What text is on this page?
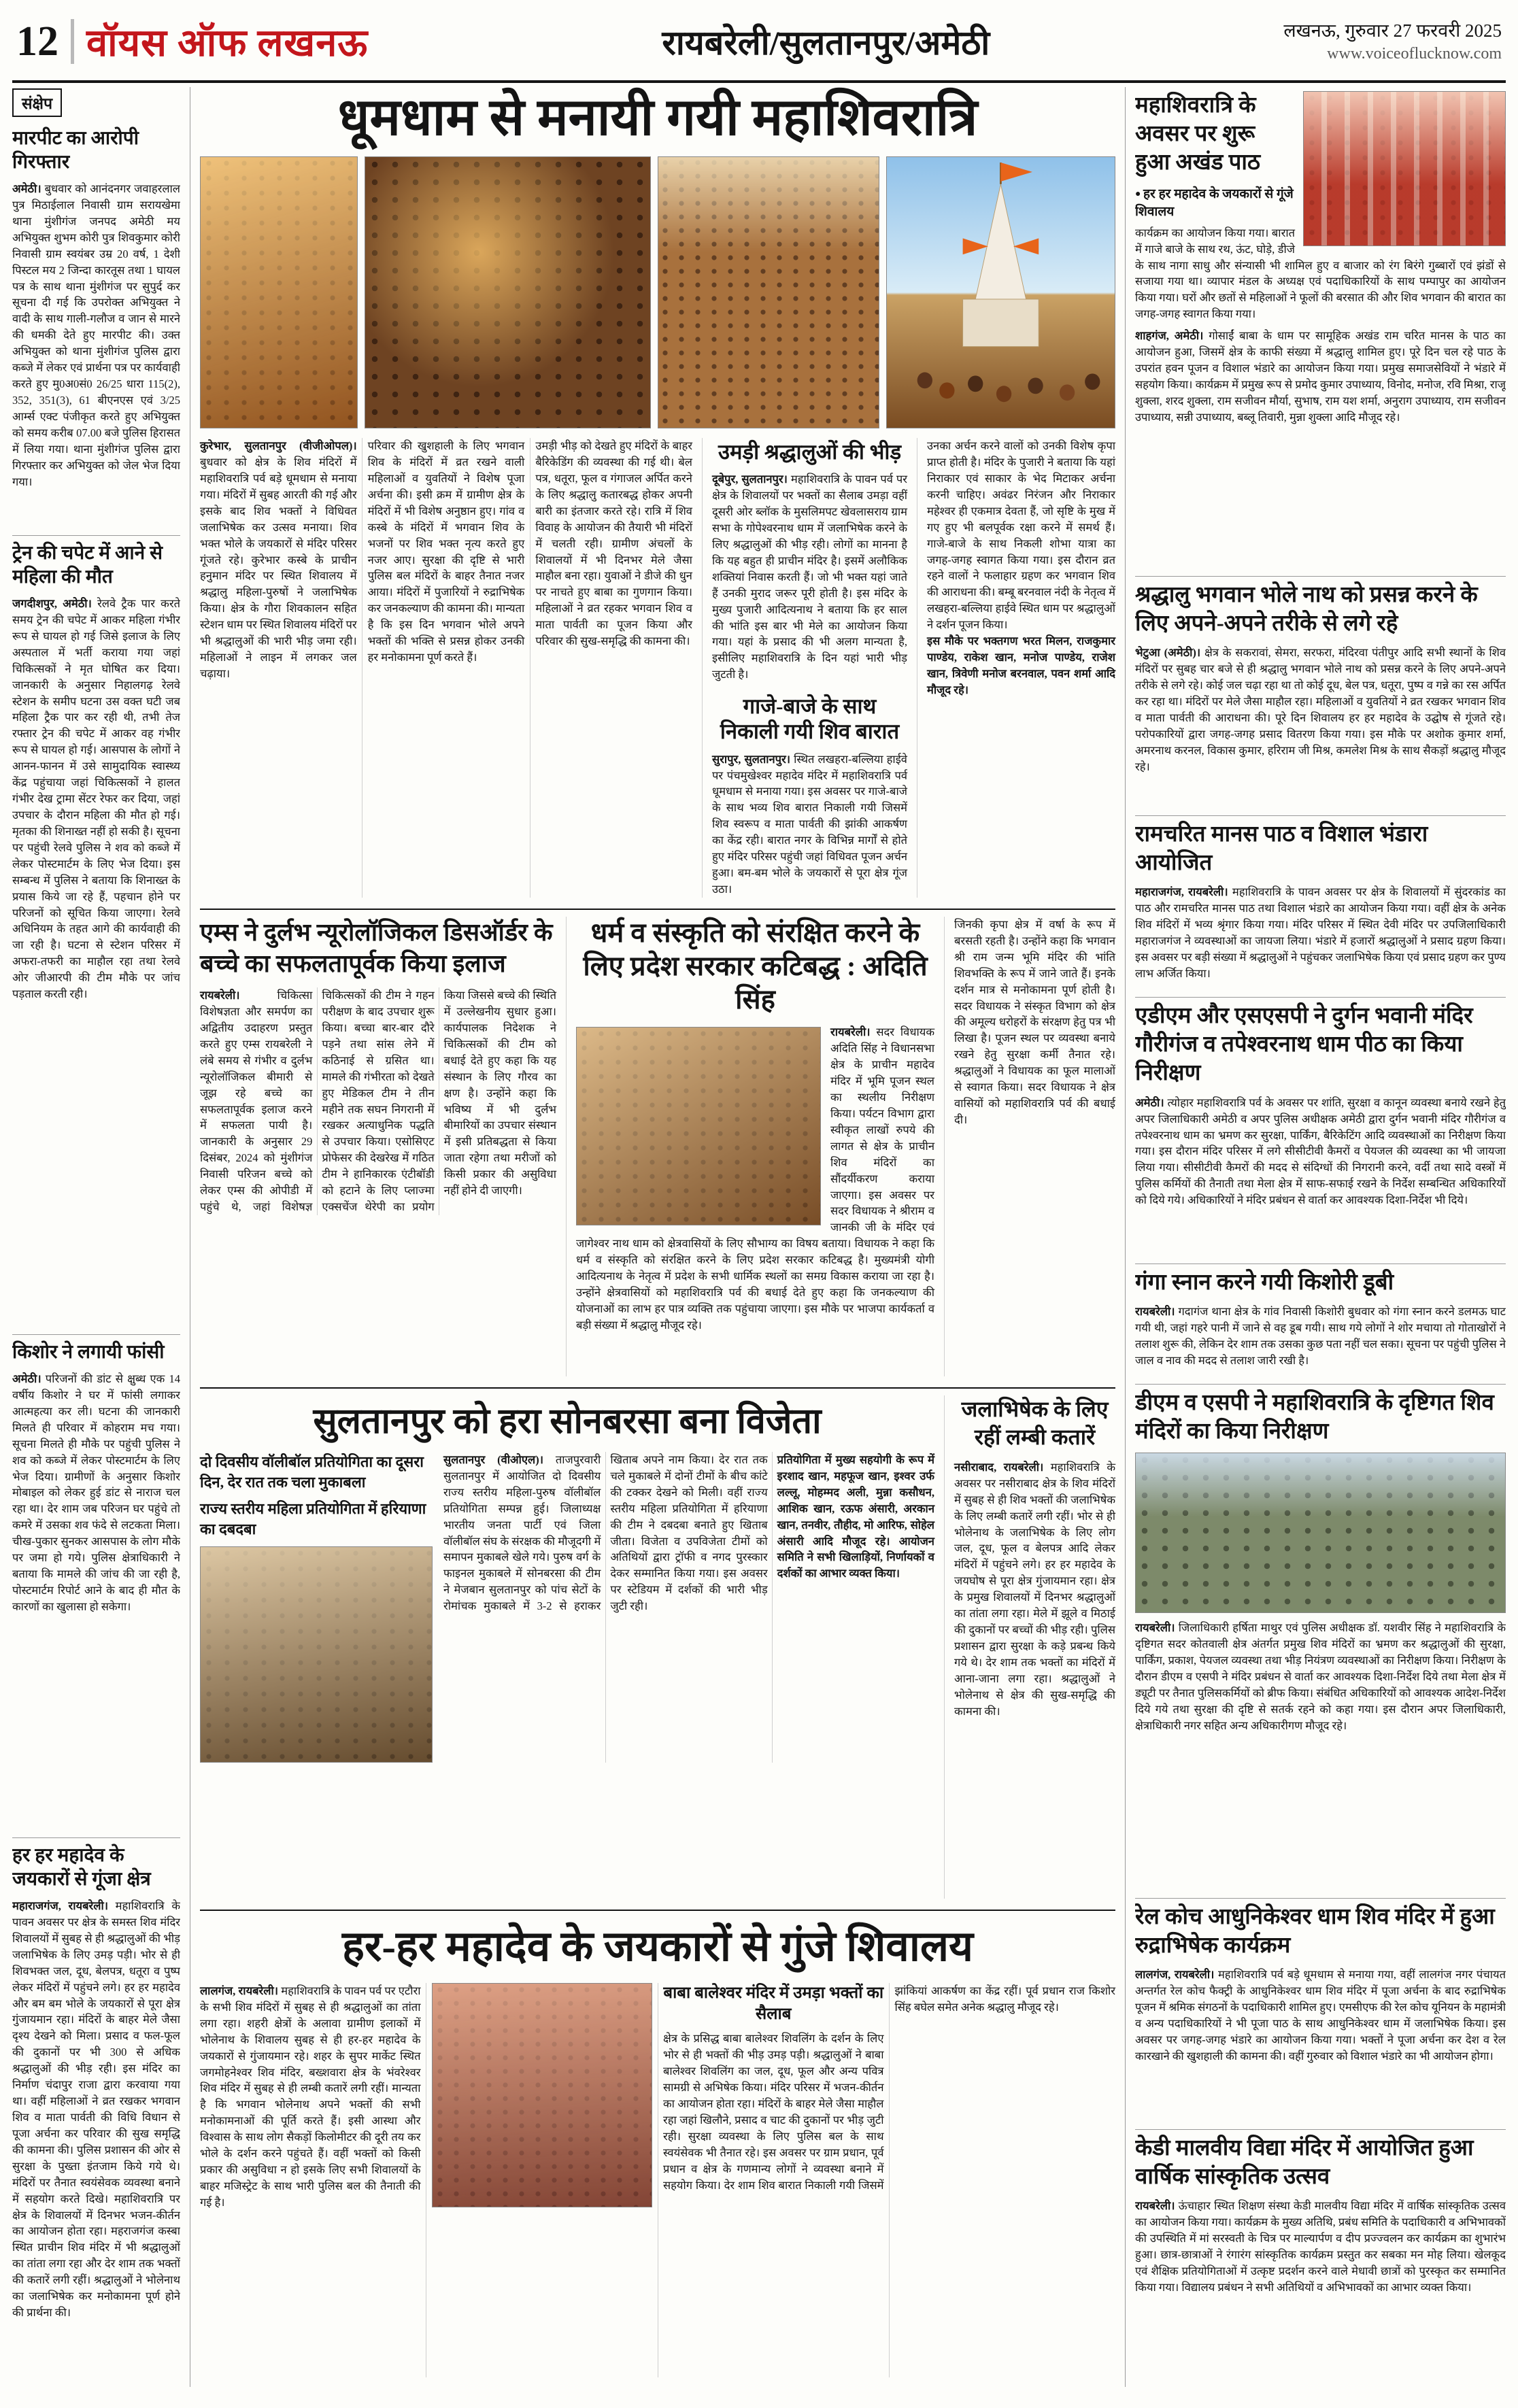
12 वॉयस ऑफ लखनऊ	रायबरेली/सुलतानपुर/अमेठी	लखनऊ, गुरुवार 27 फरवरी 2025
www.voiceoflucknow.com
संक्षेप
मारपीट का आरोपी गिरफ्तार

अमेठी। बुधवार को आनंदनगर जवाहरलाल पुत्र मिठाईलाल निवासी ग्राम सरायखेमा थाना मुंशीगंज जनपद अमेठी मय अभियुक्त शुभम कोरी पुत्र शिवकुमार कोरी निवासी ग्राम स्वयंबर उम्र 20 वर्ष, 1 देशी पिस्टल मय 2 जिन्दा कारतूस तथा 1 घायल पत्र के साथ थाना मुंशीगंज पर सुपुर्द कर सूचना दी गई कि उपरोक्त अभियुक्त ने वादी के साथ गाली-गलौज व जान से मारने की धमकी देते हुए मारपीट की। उक्त अभियुक्त को थाना मुंशीगंज पुलिस द्वारा कब्जे में लेकर एवं प्रार्थना पत्र पर कार्यवाही करते हुए मु0अ0सं0 26/25 धारा 115(2), 352, 351(3), 61 बीएनएस एवं 3/25 आर्म्स एक्ट पंजीकृत करते हुए अभियुक्त को समय करीब 07.00 बजे पुलिस हिरासत में लिया गया। थाना मुंशीगंज पुलिस द्वारा गिरफ्तार कर अभियुक्त को जेल भेज दिया गया।

ट्रेन की चपेट में आने से महिला की मौत

जगदीशपुर, अमेठी। रेलवे ट्रैक पार करते समय ट्रेन की चपेट में आकर महिला गंभीर रूप से घायल हो गई जिसे इलाज के लिए अस्पताल में भर्ती कराया गया जहां चिकित्सकों ने मृत घोषित कर दिया। जानकारी के अनुसार निहालगढ़ रेलवे स्टेशन के समीप घटना उस वक्त घटी जब महिला ट्रैक पार कर रही थी, तभी तेज रफ्तार ट्रेन की चपेट में आकर वह गंभीर रूप से घायल हो गई। आसपास के लोगों ने आनन-फानन में उसे सामुदायिक स्वास्थ्य केंद्र पहुंचाया जहां चिकित्सकों ने हालत गंभीर देख ट्रामा सेंटर रेफर कर दिया, जहां उपचार के दौरान महिला की मौत हो गई। मृतका की शिनाख्त नहीं हो सकी है। सूचना पर पहुंची रेलवे पुलिस ने शव को कब्जे में लेकर पोस्टमार्टम के लिए भेज दिया। इस सम्बन्ध में पुलिस ने बताया कि शिनाख्त के प्रयास किये जा रहे हैं, पहचान होने पर परिजनों को सूचित किया जाएगा। रेलवे अधिनियम के तहत आगे की कार्यवाही की जा रही है। घटना से स्टेशन परिसर में अफरा-तफरी का माहौल रहा तथा रेलवे ओर जीआरपी की टीम मौके पर जांच पड़ताल करती रही।

किशोर ने लगायी फांसी

अमेठी। परिजनों की डांट से क्षुब्ध एक 14 वर्षीय किशोर ने घर में फांसी लगाकर आत्महत्या कर ली। घटना की जानकारी मिलते ही परिवार में कोहराम मच गया। सूचना मिलते ही मौके पर पहुंची पुलिस ने शव को कब्जे में लेकर पोस्टमार्टम के लिए भेज दिया। ग्रामीणों के अनुसार किशोर मोबाइल को लेकर हुई डांट से नाराज चल रहा था। देर शाम जब परिजन घर पहुंचे तो कमरे में उसका शव फंदे से लटकता मिला। चीख-पुकार सुनकर आसपास के लोग मौके पर जमा हो गये। पुलिस क्षेत्राधिकारी ने बताया कि मामले की जांच की जा रही है, पोस्टमार्टम रिपोर्ट आने के बाद ही मौत के कारणों का खुलासा हो सकेगा।

हर हर महादेव के जयकारों से गूंजा क्षेत्र

महाराजगंज, रायबरेली। महाशिवरात्रि के पावन अवसर पर क्षेत्र के समस्त शिव मंदिर शिवालयों में सुबह से ही श्रद्धालुओं की भीड़ जलाभिषेक के लिए उमड़ पड़ी। भोर से ही शिवभक्त जल, दूध, बेलपत्र, धतूरा व पुष्प लेकर मंदिरों में पहुंचने लगे। हर हर महादेव और बम बम भोले के जयकारों से पूरा क्षेत्र गुंजायमान रहा। मंदिरों के बाहर मेले जैसा दृश्य देखने को मिला। प्रसाद व फल-फूल की दुकानों पर भी 300 से अधिक श्रद्धालुओं की भीड़ रही। इस मंदिर का निर्माण चंदापुर राजा द्वारा करवाया गया था। वहीं महिलाओं ने व्रत रखकर भगवान शिव व माता पार्वती की विधि विधान से पूजा अर्चना कर परिवार की सुख समृद्धि की कामना की। पुलिस प्रशासन की ओर से सुरक्षा के पुख्ता इंतजाम किये गये थे। मंदिरों पर तैनात स्वयंसेवक व्यवस्था बनाने में सहयोग करते दिखे। महाशिवरात्रि पर क्षेत्र के शिवालयों में दिनभर भजन-कीर्तन का आयोजन होता रहा। महराजगंज कस्बा स्थित प्राचीन शिव मंदिर में भी श्रद्धालुओं का तांता लगा रहा और देर शाम तक भक्तों की कतारें लगी रहीं। श्रद्धालुओं ने भोलेनाथ का जलाभिषेक कर मनोकामना पूर्ण होने की प्रार्थना की।

धूमधाम से मनायी गयी महाशिवरात्रि

कुरेभार, सुलतानपुर (वीजीओपल)। बुधवार को क्षेत्र के शिव मंदिरों में महाशिवरात्रि पर्व बड़े धूमधाम से मनाया गया। मंदिरों में सुबह आरती की गई और इसके बाद शिव भक्तों ने विधिवत जलाभिषेक कर उत्सव मनाया। शिव भक्त भोले के जयकारों से मंदिर परिसर गूंजते रहे। कुरेभार कस्बे के प्राचीन हनुमान मंदिर पर स्थित शिवालय में श्रद्धालु महिला-पुरुषों ने जलाभिषेक किया। क्षेत्र के गौरा शिवकालन सहित स्टेशन धाम पर स्थित शिवालय मंदिरों पर भी श्रद्धालुओं की भारी भीड़ जमा रही। महिलाओं ने लाइन में लगकर जल चढ़ाया।

परिवार की खुशहाली के लिए भगवान शिव के मंदिरों में व्रत रखने वाली महिलाओं व युवतियों ने विशेष पूजा अर्चना की। इसी क्रम में ग्रामीण क्षेत्र के मंदिरों में भी विशेष अनुष्ठान हुए। गांव व कस्बे के मंदिरों में भगवान शिव के भजनों पर शिव भक्त नृत्य करते हुए नजर आए। सुरक्षा की दृष्टि से भारी पुलिस बल मंदिरों के बाहर तैनात नजर आया। मंदिरों में पुजारियों ने रुद्राभिषेक कर जनकल्याण की कामना की। मान्यता है कि इस दिन भगवान भोले अपने भक्तों की भक्ति से प्रसन्न होकर उनकी हर मनोकामना पूर्ण करते हैं।

उमड़ी भीड़ को देखते हुए मंदिरों के बाहर बैरिकेडिंग की व्यवस्था की गई थी। बेल पत्र, धतूरा, फूल व गंगाजल अर्पित करने के लिए श्रद्धालु कतारबद्ध होकर अपनी बारी का इंतजार करते रहे। रात्रि में शिव विवाह के आयोजन की तैयारी भी मंदिरों में चलती रही। ग्रामीण अंचलों के शिवालयों में भी दिनभर मेले जैसा माहौल बना रहा। युवाओं ने डीजे की धुन पर नाचते हुए बाबा का गुणगान किया। महिलाओं ने व्रत रहकर भगवान शिव व माता पार्वती का पूजन किया और परिवार की सुख-समृद्धि की कामना की।

उमड़ी श्रद्धालुओं की भीड़

दूबेपुर, सुलतानपुर। महाशिवरात्रि के पावन पर्व पर क्षेत्र के शिवालयों पर भक्तों का सैलाब उमड़ा वहीं दूसरी ओर ब्लॉक के मुसलिमपट खेवलासराय ग्राम सभा के गोपेश्वरनाथ धाम में जलाभिषेक करने के लिए श्रद्धालुओं की भीड़ रही। लोगों का मानना है कि यह बहुत ही प्राचीन मंदिर है। इसमें अलौकिक शक्तियां निवास करती हैं। जो भी भक्त यहां जाते हैं उनकी मुराद जरूर पूरी होती है। इस मंदिर के मुख्य पुजारी आदित्यनाथ ने बताया कि हर साल की भांति इस बार भी मेले का आयोजन किया गया। यहां के प्रसाद की भी अलग मान्यता है, इसीलिए महाशिवरात्रि के दिन यहां भारी भीड़ जुटती है।

गाजे-बाजे के साथ निकाली गयी शिव बारात

सुरापुर, सुलतानपुर। स्थित लखहरा-बल्लिया हाईवे पर पंचमुखेश्वर महादेव मंदिर में महाशिवरात्रि पर्व धूमधाम से मनाया गया। इस अवसर पर गाजे-बाजे के साथ भव्य शिव बारात निकाली गयी जिसमें शिव स्वरूप व माता पार्वती की झांकी आकर्षण का केंद्र रही। बारात नगर के विभिन्न मार्गों से होते हुए मंदिर परिसर पहुंची जहां विधिवत पूजन अर्चन हुआ। बम-बम भोले के जयकारों से पूरा क्षेत्र गूंज उठा।

उनका अर्चन करने वालों को उनकी विशेष कृपा प्राप्त होती है। मंदिर के पुजारी ने बताया कि यहां निराकार एवं साकार के भेद मिटाकर अर्चना करनी चाहिए। अवंढर निरंजन और निराकार महेश्वर ही एकमात्र देवता हैं, जो सृष्टि के मुख में गए हुए भी बलपूर्वक रक्षा करने में समर्थ हैं। गाजे-बाजे के साथ निकली शोभा यात्रा का जगह-जगह स्वागत किया गया। इस दौरान व्रत रहने वालों ने फलाहार ग्रहण कर भगवान शिव की आराधना की। बम्बू बरनवाल नंदी के नेतृत्व में लखहरा-बल्लिया हाईवे स्थित धाम पर श्रद्धालुओं ने दर्शन पूजन किया।

इस मौके पर भक्तगण भरत मिलन, राजकुमार पाण्डेय, राकेश खान, मनोज पाण्डेय, राजेश खान, त्रिवेणी मनोज बरनवाल, पवन शर्मा आदि मौजूद रहे।

एम्स ने दुर्लभ न्यूरोलॉजिकल डिसऑर्डर के बच्चे का सफलतापूर्वक किया इलाज

रायबरेली।	चिकित्सा विशेषज्ञता और समर्पण का अद्वितीय उदाहरण प्रस्तुत करते हुए एम्स रायबरेली ने लंबे समय से गंभीर व दुर्लभ न्यूरोलॉजिकल बीमारी से जूझ रहे बच्चे का सफलतापूर्वक इलाज करने में सफलता पायी है। जानकारी के अनुसार 29 दिसंबर, 2024 को मुंशीगंज निवासी परिजन बच्चे को लेकर एम्स की ओपीडी में पहुंचे थे, जहां विशेषज्ञ चिकित्सकों की टीम ने गहन परीक्षण के बाद उपचार शुरू किया। बच्चा बार-बार दौरे पड़ने तथा सांस लेने में कठिनाई से ग्रसित था। मामले की गंभीरता को देखते हुए मेडिकल टीम ने तीन महीने तक सघन निगरानी में रखकर अत्याधुनिक पद्धति से उपचार किया। एसोसिएट प्रोफेसर की देखरेख में गठित टीम ने हानिकारक एंटीबॉडी को हटाने के लिए प्लाज्मा एक्सचेंज थेरेपी का प्रयोग किया जिससे बच्चे की स्थिति में उल्लेखनीय सुधार हुआ। कार्यपालक निदेशक ने चिकित्सकों की टीम को बधाई देते हुए कहा कि यह संस्थान के लिए गौरव का क्षण है। उन्होंने कहा कि भविष्य में भी दुर्लभ बीमारियों का उपचार संस्थान में इसी प्रतिबद्धता से किया जाता रहेगा तथा मरीजों को किसी प्रकार की असुविधा नहीं होने दी जाएगी।

धर्म व संस्कृति को संरक्षित करने के लिए प्रदेश सरकार कटिबद्ध : अदिति सिंह

रायबरेली। सदर विधायक अदिति सिंह ने विधानसभा क्षेत्र के प्राचीन महादेव मंदिर में भूमि पूजन स्थल का स्थलीय निरीक्षण किया। पर्यटन विभाग द्वारा स्वीकृत लाखों रुपये की लागत से क्षेत्र के प्राचीन शिव मंदिरों का सौंदर्यीकरण कराया जाएगा। इस अवसर पर सदर विधायक ने श्रीराम व जानकी जी के मंदिर एवं जागेश्वर नाथ धाम को क्षेत्रवासियों के लिए सौभाग्य का विषय बताया। विधायक ने कहा कि धर्म व संस्कृति को संरक्षित करने के लिए प्रदेश सरकार कटिबद्ध है। मुख्यमंत्री योगी आदित्यनाथ के नेतृत्व में प्रदेश के सभी धार्मिक स्थलों का समग्र विकास कराया जा रहा है। उन्होंने क्षेत्रवासियों को महाशिवरात्रि पर्व की बधाई देते हुए कहा कि जनकल्याण की योजनाओं का लाभ हर पात्र व्यक्ति तक पहुंचाया जाएगा। इस मौके पर भाजपा कार्यकर्ता व बड़ी संख्या में श्रद्धालु मौजूद रहे।

जिनकी कृपा क्षेत्र में वर्षा के रूप में बरसती रहती है। उन्होंने कहा कि भगवान श्री राम जन्म भूमि मंदिर की भांति शिवभक्ति के रूप में जाने जाते हैं। इनके दर्शन मात्र से मनोकामना पूर्ण होती है। सदर विधायक ने संस्कृत विभाग को क्षेत्र की अमूल्य धरोहरों के संरक्षण हेतु पत्र भी लिखा है। पूजन स्थल पर व्यवस्था बनाये रखने हेतु सुरक्षा कर्मी तैनात रहे। श्रद्धालुओं ने विधायक का फूल मालाओं से स्वागत किया। सदर विधायक ने क्षेत्र वासियों को महाशिवरात्रि पर्व की बधाई दी।

सुलतानपुर को हरा सोनबरसा बना विजेता
दो दिवसीय वॉलीबॉल प्रतियोगिता का दूसरा दिन, देर रात तक चला मुकाबला
राज्य स्तरीय महिला प्रतियोगिता में हरियाणा का दबदबा

सुलतानपुर (वीओएल)। ताजपुरवारी सुलतानपुर में आयोजित दो दिवसीय राज्य स्तरीय महिला-पुरुष वॉलीबॉल प्रतियोगिता सम्पन्न हुई। जिलाध्यक्ष भारतीय जनता पार्टी एवं जिला वॉलीबॉल संघ के संरक्षक की मौजूदगी में समापन मुकाबले खेले गये। पुरुष वर्ग के फाइनल मुकाबले में सोनबरसा की टीम ने मेजबान सुलतानपुर को पांच सेटों के रोमांचक मुकाबले में 3-2 से हराकर खिताब अपने नाम किया। देर रात तक चले मुकाबले में दोनों टीमों के बीच कांटे की टक्कर देखने को मिली। वहीं राज्य स्तरीय महिला प्रतियोगिता में हरियाणा की टीम ने दबदबा बनाते हुए खिताब जीता। विजेता व उपविजेता टीमों को अतिथियों द्वारा ट्रॉफी व नगद पुरस्कार देकर सम्मानित किया गया। इस अवसर पर स्टेडियम में दर्शकों की भारी भीड़ जुटी रही।

प्रतियोगिता में मुख्य सहयोगी के रूप में इरशाद खान, महफूज खान, इश्वर उर्फ लल्लू, मोहम्मद अली, मुन्ना कसौधन, आशिक खान, रऊफ अंसारी, अरकान खान, तनवीर, तौहीद, मो आरिफ, सोहेल अंसारी आदि मौजूद रहे। आयोजन समिति ने सभी खिलाड़ियों, निर्णायकों व दर्शकों का आभार व्यक्त किया।

जलाभिषेक के लिए रहीं लम्बी कतारें

नसीराबाद, रायबरेली। महाशिवरात्रि के अवसर पर नसीराबाद क्षेत्र के शिव मंदिरों में सुबह से ही शिव भक्तों की जलाभिषेक के लिए लम्बी कतारें लगी रहीं। भोर से ही भोलेनाथ के जलाभिषेक के लिए लोग जल, दूध, फूल व बेलपत्र आदि लेकर मंदिरों में पहुंचने लगे। हर हर महादेव के जयघोष से पूरा क्षेत्र गुंजायमान रहा। क्षेत्र के प्रमुख शिवालयों में दिनभर श्रद्धालुओं का तांता लगा रहा। मेले में झूले व मिठाई की दुकानों पर बच्चों की भीड़ रही। पुलिस प्रशासन द्वारा सुरक्षा के कड़े प्रबन्ध किये गये थे। देर शाम तक भक्तों का मंदिरों में आना-जाना लगा रहा। श्रद्धालुओं ने भोलेनाथ से क्षेत्र की सुख-समृद्धि की कामना की।

हर-हर महादेव के जयकारों से गुंजे शिवालय

लालगंज, रायबरेली। महाशिवरात्रि के पावन पर्व पर एटौरा के सभी शिव मंदिरों में सुबह से ही श्रद्धालुओं का तांता लगा रहा। शहरी क्षेत्रों के अलावा ग्रामीण इलाकों में भोलेनाथ के शिवालय सुबह से ही हर-हर महादेव के जयकारों से गुंजायमान रहे। शहर के सुपर मार्केट स्थित जगमोहनेश्वर शिव मंदिर, बख्शवारा क्षेत्र के भंवरेश्वर शिव मंदिर में सुबह से ही लम्बी कतारें लगी रहीं। मान्यता है कि भगवान भोलेनाथ अपने भक्तों की सभी मनोकामनाओं की पूर्ति करते हैं। इसी आस्था और विश्वास के साथ लोग सैकड़ों किलोमीटर की दूरी तय कर भोले के दर्शन करने पहुंचते हैं। वहीं भक्तों को किसी प्रकार की असुविधा न हो इसके लिए सभी शिवालयों के बाहर मजिस्ट्रेट के साथ भारी पुलिस बल की तैनाती की गई है।

बाबा बालेश्वर मंदिर में उमड़ा भक्तों का सैलाब

क्षेत्र के प्रसिद्ध बाबा बालेश्वर शिवलिंग के दर्शन के लिए भोर से ही भक्तों की भीड़ उमड़ पड़ी। श्रद्धालुओं ने बाबा बालेश्वर शिवलिंग का जल, दूध, फूल और अन्य पवित्र सामग्री से अभिषेक किया। मंदिर परिसर में भजन-कीर्तन का आयोजन होता रहा। मंदिरों के बाहर मेले जैसा माहौल रहा जहां खिलौने, प्रसाद व चाट की दुकानों पर भीड़ जुटी रही। सुरक्षा व्यवस्था के लिए पुलिस बल के साथ स्वयंसेवक भी तैनात रहे। इस अवसर पर ग्राम प्रधान, पूर्व प्रधान व क्षेत्र के गणमान्य लोगों ने व्यवस्था बनाने में सहयोग किया। देर शाम शिव बारात निकाली गयी जिसमें झांकियां आकर्षण का केंद्र रहीं। पूर्व प्रधान राज किशोर सिंह बघेल समेत अनेक श्रद्धालु मौजूद रहे।

महाशिवरात्रि के अवसर पर शुरू हुआ अखंड पाठ
● हर हर महादेव के जयकारों से गूंजे शिवालय

कार्यक्रम का आयोजन किया गया। बारात में गाजे बाजे के साथ रथ, ऊंट, घोड़े, डीजे के साथ नागा साधु और संन्यासी भी शामिल हुए व बाजार को रंग बिरंगे गुब्बारों एवं झंडों से सजाया गया था। व्यापार मंडल के अध्यक्ष एवं पदाधिकारियों के साथ पम्पापुर का आयोजन किया गया। घरों और छतों से महिलाओं ने फूलों की बरसात की और शिव भगवान की बारात का जगह-जगह स्वागत किया गया।

शाहगंज, अमेठी। गोसाईं बाबा के धाम पर सामूहिक अखंड राम चरित मानस के पाठ का आयोजन हुआ, जिसमें क्षेत्र के काफी संख्या में श्रद्धालु शामिल हुए। पूरे दिन चल रहे पाठ के उपरांत हवन पूजन व विशाल भंडारे का आयोजन किया गया। प्रमुख समाजसेवियों ने भंडारे में सहयोग किया। कार्यक्रम में प्रमुख रूप से प्रमोद कुमार उपाध्याय, विनोद, मनोज, रवि मिश्रा, राजू शुक्ला, शरद शुक्ला, राम सजीवन मौर्या, सुभाष, राम यश शर्मा, अनुराग उपाध्याय, राम सजीवन उपाध्याय, सन्नी उपाध्याय, बब्लू तिवारी, मुन्ना शुक्ला आदि मौजूद रहे।

श्रद्धालु भगवान भोले नाथ को प्रसन्न करने के लिए अपने-अपने तरीके से लगे रहे

भेटुआ (अमेठी)। क्षेत्र के सकरावां, सेमरा, सरफरा, मंदिरवा पंतीपुर आदि सभी स्थानों के शिव मंदिरों पर सुबह चार बजे से ही श्रद्धालु भगवान भोले नाथ को प्रसन्न करने के लिए अपने-अपने तरीके से लगे रहे। कोई जल चढ़ा रहा था तो कोई दूध, बेल पत्र, धतूरा, पुष्प व गन्ने का रस अर्पित कर रहा था। मंदिरों पर मेले जैसा माहौल रहा। महिलाओं व युवतियों ने व्रत रखकर भगवान शिव व माता पार्वती की आराधना की। पूरे दिन शिवालय हर हर महादेव के उद्घोष से गूंजते रहे। परोपकारियों द्वारा जगह-जगह प्रसाद वितरण किया गया। इस मौके पर अशोक कुमार शर्मा, अमरनाथ करनल, विकास कुमार, हरिराम जी मिश्र, कमलेश मिश्र के साथ सैकड़ों श्रद्धालु मौजूद रहे।

रामचरित मानस पाठ व विशाल भंडारा आयोजित

महाराजगंज, रायबरेली। महाशिवरात्रि के पावन अवसर पर क्षेत्र के शिवालयों में सुंदरकांड का पाठ और रामचरित मानस पाठ तथा विशाल भंडारे का आयोजन किया गया। वहीं क्षेत्र के अनेक शिव मंदिरों में भव्य श्रृंगार किया गया। मंदिर परिसर में स्थित देवी मंदिर पर उपजिलाधिकारी महाराजगंज ने व्यवस्थाओं का जायजा लिया। भंडारे में हजारों श्रद्धालुओं ने प्रसाद ग्रहण किया। इस अवसर पर बड़ी संख्या में श्रद्धालुओं ने पहुंचकर जलाभिषेक किया एवं प्रसाद ग्रहण कर पुण्य लाभ अर्जित किया।

एडीएम और एसएसपी ने दुर्गन भवानी मंदिर गौरीगंज व तपेश्वरनाथ धाम पीठ का किया निरीक्षण

अमेठी। त्योहार महाशिवरात्रि पर्व के अवसर पर शांति, सुरक्षा व कानून व्यवस्था बनाये रखने हेतु अपर जिलाधिकारी अमेठी व अपर पुलिस अधीक्षक अमेठी द्वारा दुर्गन भवानी मंदिर गौरीगंज व तपेश्वरनाथ धाम का भ्रमण कर सुरक्षा, पार्किंग, बैरिकेटिंग आदि व्यवस्थाओं का निरीक्षण किया गया। इस दौरान मंदिर परिसर में लगे सीसीटीवी कैमरों व पेयजल की व्यवस्था का भी जायजा लिया गया। सीसीटीवी कैमरों की मदद से संदिग्धों की निगरानी करने, वर्दी तथा सादे वस्त्रों में पुलिस कर्मियों की तैनाती तथा मेला क्षेत्र में साफ-सफाई रखने के निर्देश सम्बन्धित अधिकारियों को दिये गये। अधिकारियों ने मंदिर प्रबंधन से वार्ता कर आवश्यक दिशा-निर्देश भी दिये।

गंगा स्नान करने गयी किशोरी डूबी

रायबरेली। गदागंज थाना क्षेत्र के गांव निवासी किशोरी बुधवार को गंगा स्नान करने डलमऊ घाट गयी थी, जहां गहरे पानी में जाने से वह डूब गयी। साथ गये लोगों ने शोर मचाया तो गोताखोरों ने तलाश शुरू की, लेकिन देर शाम तक उसका कुछ पता नहीं चल सका। सूचना पर पहुंची पुलिस ने जाल व नाव की मदद से तलाश जारी रखी है।

डीएम व एसपी ने महाशिवरात्रि के दृष्टिगत शिव मंदिरों का किया निरीक्षण

रायबरेली। जिलाधिकारी हर्षिता माथुर एवं पुलिस अधीक्षक डॉ. यशवीर सिंह ने महाशिवरात्रि के दृष्टिगत सदर कोतवाली क्षेत्र अंतर्गत प्रमुख शिव मंदिरों का भ्रमण कर श्रद्धालुओं की सुरक्षा, पार्किंग, प्रकाश, पेयजल व्यवस्था तथा भीड़ नियंत्रण व्यवस्थाओं का निरीक्षण किया। निरीक्षण के दौरान डीएम व एसपी ने मंदिर प्रबंधन से वार्ता कर आवश्यक दिशा-निर्देश दिये तथा मेला क्षेत्र में ड्यूटी पर तैनात पुलिसकर्मियों को ब्रीफ किया। संबंधित अधिकारियों को आवश्यक आदेश-निर्देश दिये गये तथा सुरक्षा की दृष्टि से सतर्क रहने को कहा गया। इस दौरान अपर जिलाधिकारी, क्षेत्राधिकारी नगर सहित अन्य अधिकारीगण मौजूद रहे।

रेल कोच आधुनिकेश्वर धाम शिव मंदिर में हुआ रुद्राभिषेक कार्यक्रम

लालगंज, रायबरेली। महाशिवरात्रि पर्व बड़े धूमधाम से मनाया गया, वहीं लालगंज नगर पंचायत अन्तर्गत रेल कोच फैक्ट्री के आधुनिकेश्वर धाम शिव मंदिर में पूजा अर्चना के बाद रुद्राभिषेक पूजन में श्रमिक संगठनों के पदाधिकारी शामिल हुए। एमसीएफ की रेल कोच यूनियन के महामंत्री व अन्य पदाधिकारियों ने भी पूजा पाठ के साथ आधुनिकेश्वर धाम में जलाभिषेक किया। इस अवसर पर जगह-जगह भंडारे का आयोजन किया गया। भक्तों ने पूजा अर्चना कर देश व रेल कारखाने की खुशहाली की कामना की। वहीं गुरुवार को विशाल भंडारे का भी आयोजन होगा।

केडी मालवीय विद्या मंदिर में आयोजित हुआ वार्षिक सांस्कृतिक उत्सव

रायबरेली। ऊंचाहार स्थित शिक्षण संस्था केडी मालवीय विद्या मंदिर में वार्षिक सांस्कृतिक उत्सव का आयोजन किया गया। कार्यक्रम के मुख्य अतिथि, प्रबंध समिति के पदाधिकारी व अभिभावकों की उपस्थिति में मां सरस्वती के चित्र पर माल्यार्पण व दीप प्रज्ज्वलन कर कार्यक्रम का शुभारंभ हुआ। छात्र-छात्राओं ने रंगारंग सांस्कृतिक कार्यक्रम प्रस्तुत कर सबका मन मोह लिया। खेलकूद एवं शैक्षिक प्रतियोगिताओं में उत्कृष्ट प्रदर्शन करने वाले मेधावी छात्रों को पुरस्कृत कर सम्मानित किया गया। विद्यालय प्रबंधन ने सभी अतिथियों व अभिभावकों का आभार व्यक्त किया।
